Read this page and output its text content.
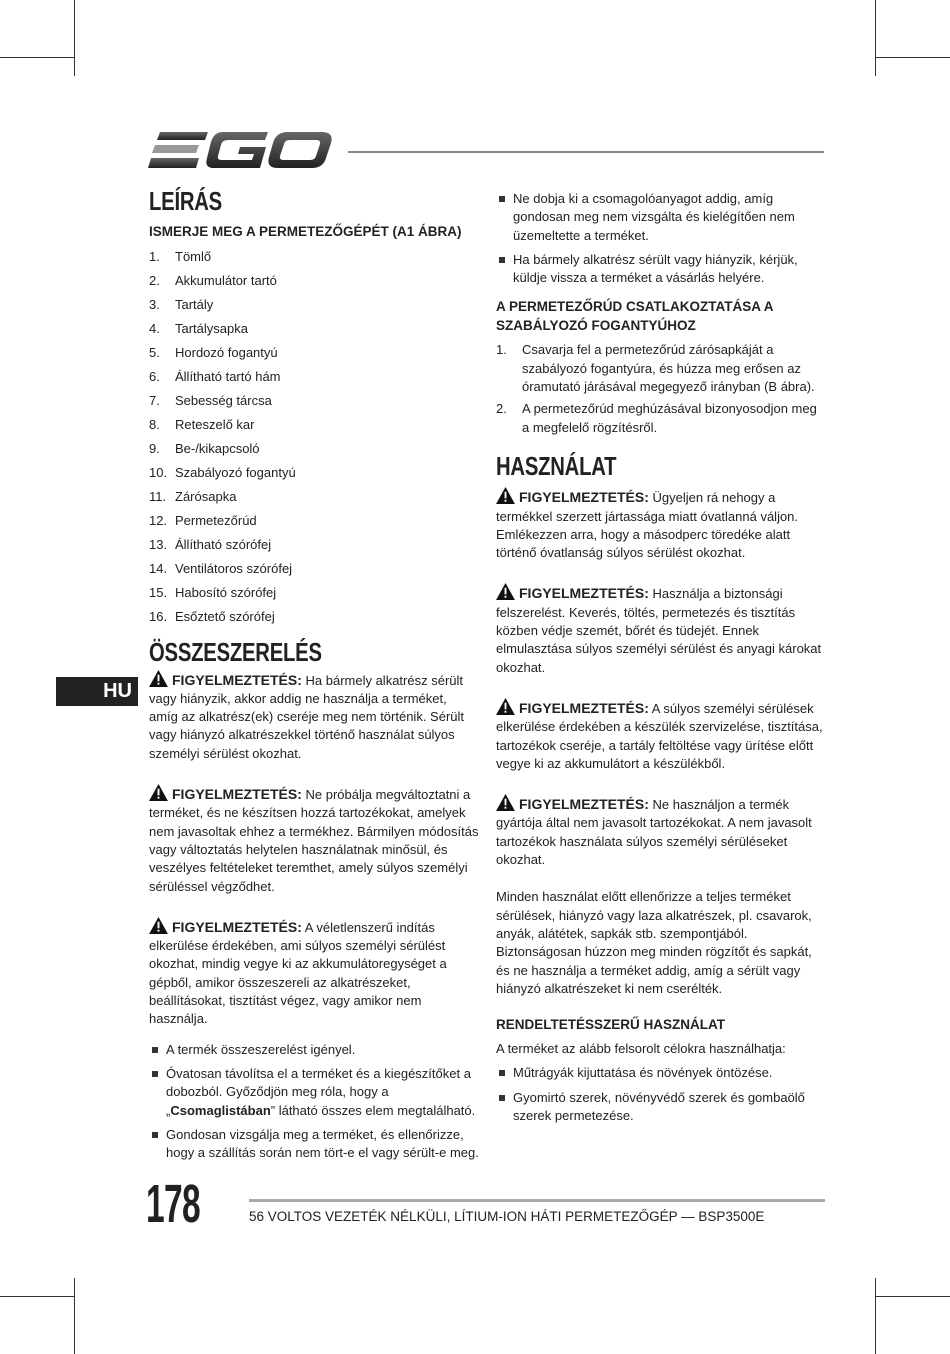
EGO
LEÍRÁS
ISMERJE MEG A PERMETEZŐGÉPÉT (A1 ÁBRA)
1.	Tömlő
2.	Akkumulátor tartó
3.	Tartály
4.	Tartálysapka
5.	Hordozó fogantyú
6.	Állítható tartó hám
7.	Sebesség tárcsa
8.	Reteszelő kar
9.	Be-/kikapcsoló
10. Szabályozó fogantyú
11. Zárósapka
12. Permetezőrúd
13. Állítható szórófej
14. Ventilátoros szórófej
15. Habosító szórófej
16. Esőztető szórófej
ÖSSZESZERELÉS

FIGYELMEZTETÉS: Ha bármely alkatrész sérült vagy hiányzik, akkor addig ne használja a terméket, amíg az alkatrész(ek) cseréje meg nem történik. Sérült vagy hiányzó alkatrészekkel történő használat súlyos személyi sérülést okozhat.

FIGYELMEZTETÉS: Ne próbálja megváltoztatni a terméket, és ne készítsen hozzá tartozékokat, amelyek nem javasoltak ehhez a termékhez. Bármilyen módosítás vagy változtatás helytelen használatnak minősül, és veszélyes feltételeket teremthet, amely súlyos személyi sérüléssel végződhet.

FIGYELMEZTETÉS: A véletlenszerű indítás elkerülése érdekében, ami súlyos személyi sérülést okozhat, mindig vegye ki az akkumulátoregységet a gépből, amikor összeszereli az alkatrészeket, beállításokat, tisztítást végez, vagy amikor nem használja.

A termék összeszerelést igényel.
Óvatosan távolítsa el a terméket és a kiegészítőket a dobozból. Győződjön meg róla, hogy a „Csomaglistában” látható összes elem megtalálható.
Gondosan vizsgálja meg a terméket, és ellenőrizze, hogy a szállítás során nem tört-e el vagy sérült-e meg.
Ne dobja ki a csomagolóanyagot addig, amíg gondosan meg nem vizsgálta és kielégítően nem üzemeltette a terméket.
Ha bármely alkatrész sérült vagy hiányzik, kérjük, küldje vissza a terméket a vásárlás helyére.
A PERMETEZŐRÚD CSATLAKOZTATÁSA A SZABÁLYOZÓ FOGANTYÚHOZ
1.	Csavarja fel a permetezőrúd zárósapkáját a szabályozó fogantyúra, és húzza meg erősen az óramutató járásával megegyező irányban (B ábra).
2.	A permetezőrúd meghúzásával bizonyosodjon meg a megfelelő rögzítésről.
HASZNÁLAT

FIGYELMEZTETÉS: Ügyeljen rá nehogy a termékkel szerzett jártassága miatt óvatlanná váljon. Emlékezzen arra, hogy a másodperc töredéke alatt történő óvatlanság súlyos sérülést okozhat.

FIGYELMEZTETÉS: Használja a biztonsági felszerelést. Keverés, töltés, permetezés és tisztítás közben védje szemét, bőrét és tüdejét. Ennek elmulasztása súlyos személyi sérülést és anyagi károkat okozhat.

FIGYELMEZTETÉS: A súlyos személyi sérülések elkerülése érdekében a készülék szervizelése, tisztítása, tartozékok cseréje, a tartály feltöltése vagy ürítése előtt vegye ki az akkumulátort a készülékből.

FIGYELMEZTETÉS: Ne használjon a termék gyártója által nem javasolt tartozékokat. A nem javasolt tartozékok használata súlyos személyi sérüléseket okozhat.

Minden használat előtt ellenőrizze a teljes terméket sérülések, hiányzó vagy laza alkatrészek, pl. csavarok, anyák, alátétek, sapkák stb. szempontjából. Biztonságosan húzzon meg minden rögzítőt és sapkát, és ne használja a terméket addig, amíg a sérült vagy hiányzó alkatrészeket ki nem cserélték.

RENDELTETÉSSZERŰ HASZNÁLAT

A terméket az alább felsorolt célokra használhatja:

Műtrágyák kijuttatása és növények öntözése.
Gyomirtó szerek, növényvédő szerek és gombaölő szerek permetezése.
HU
178	56 VOLTOS VEZETÉK NÉLKÜLI, LÍTIUM-ION HÁTI PERMETEZŐGÉP — BSP3500E
